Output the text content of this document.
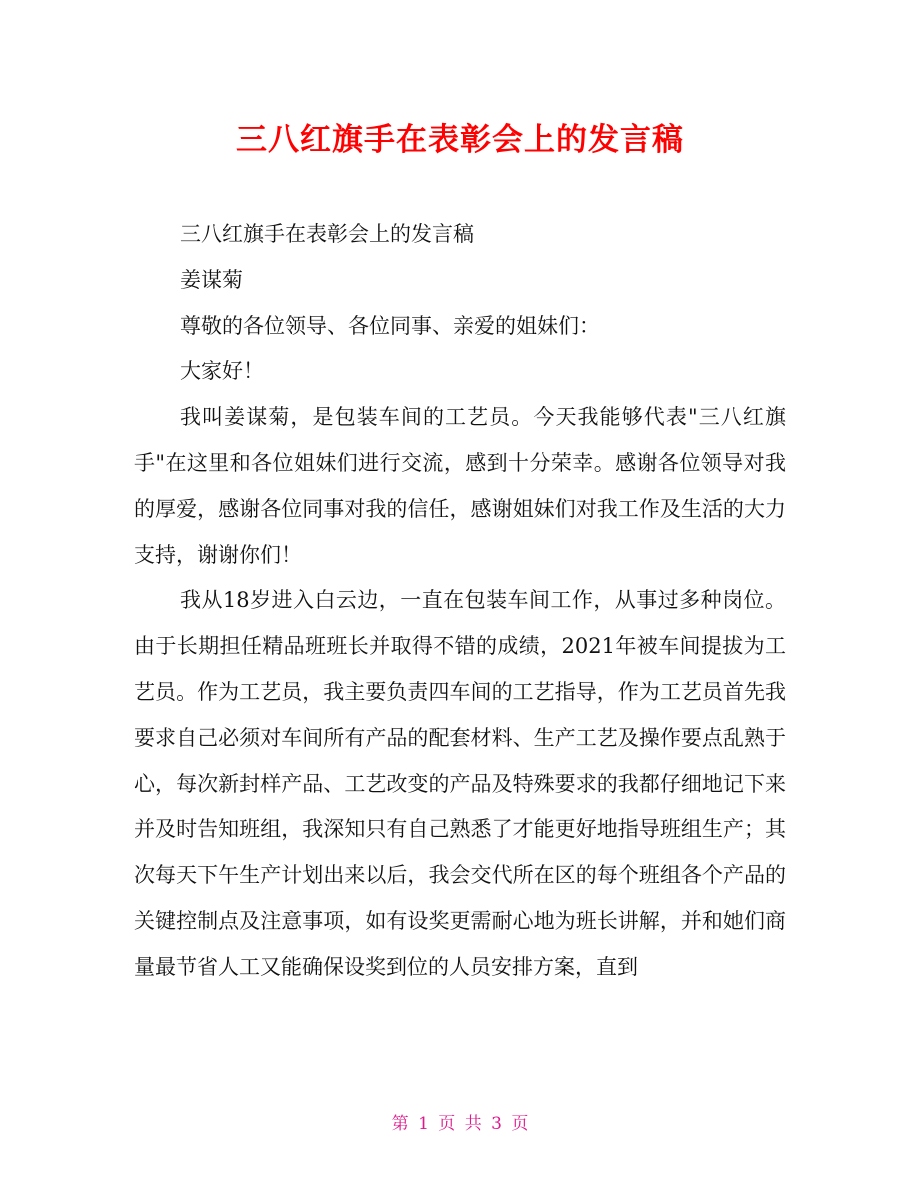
三八红旗手在表彰会上的发言稿

三八红旗手在表彰会上的发言稿

姜谋菊

尊敬的各位领导、各位同事、亲爱的姐妹们：

大家好！

我叫姜谋菊，是包装车间的工艺员。今天我能够代表"三八红旗手"在这里和各位姐妹们进行交流，感到十分荣幸。感谢各位领导对我的厚爱，感谢各位同事对我的信任，感谢姐妹们对我工作及生活的大力支持，谢谢你们！

我从18岁进入白云边，一直在包装车间工作，从事过多种岗位。由于长期担任精品班班长并取得不错的成绩，2021年被车间提拔为工艺员。作为工艺员，我主要负责四车间的工艺指导，作为工艺员首先我要求自己必须对车间所有产品的配套材料、生产工艺及操作要点乱熟于心，每次新封样产品、工艺改变的产品及特殊要求的我都仔细地记下来并及时告知班组，我深知只有自己熟悉了才能更好地指导班组生产；其次每天下午生产计划出来以后，我会交代所在区的每个班组各个产品的关键控制点及注意事项，如有设奖更需耐心地为班长讲解，并和她们商量最节省人工又能确保设奖到位的人员安排方案，直到

第 1 页 共 3 页
